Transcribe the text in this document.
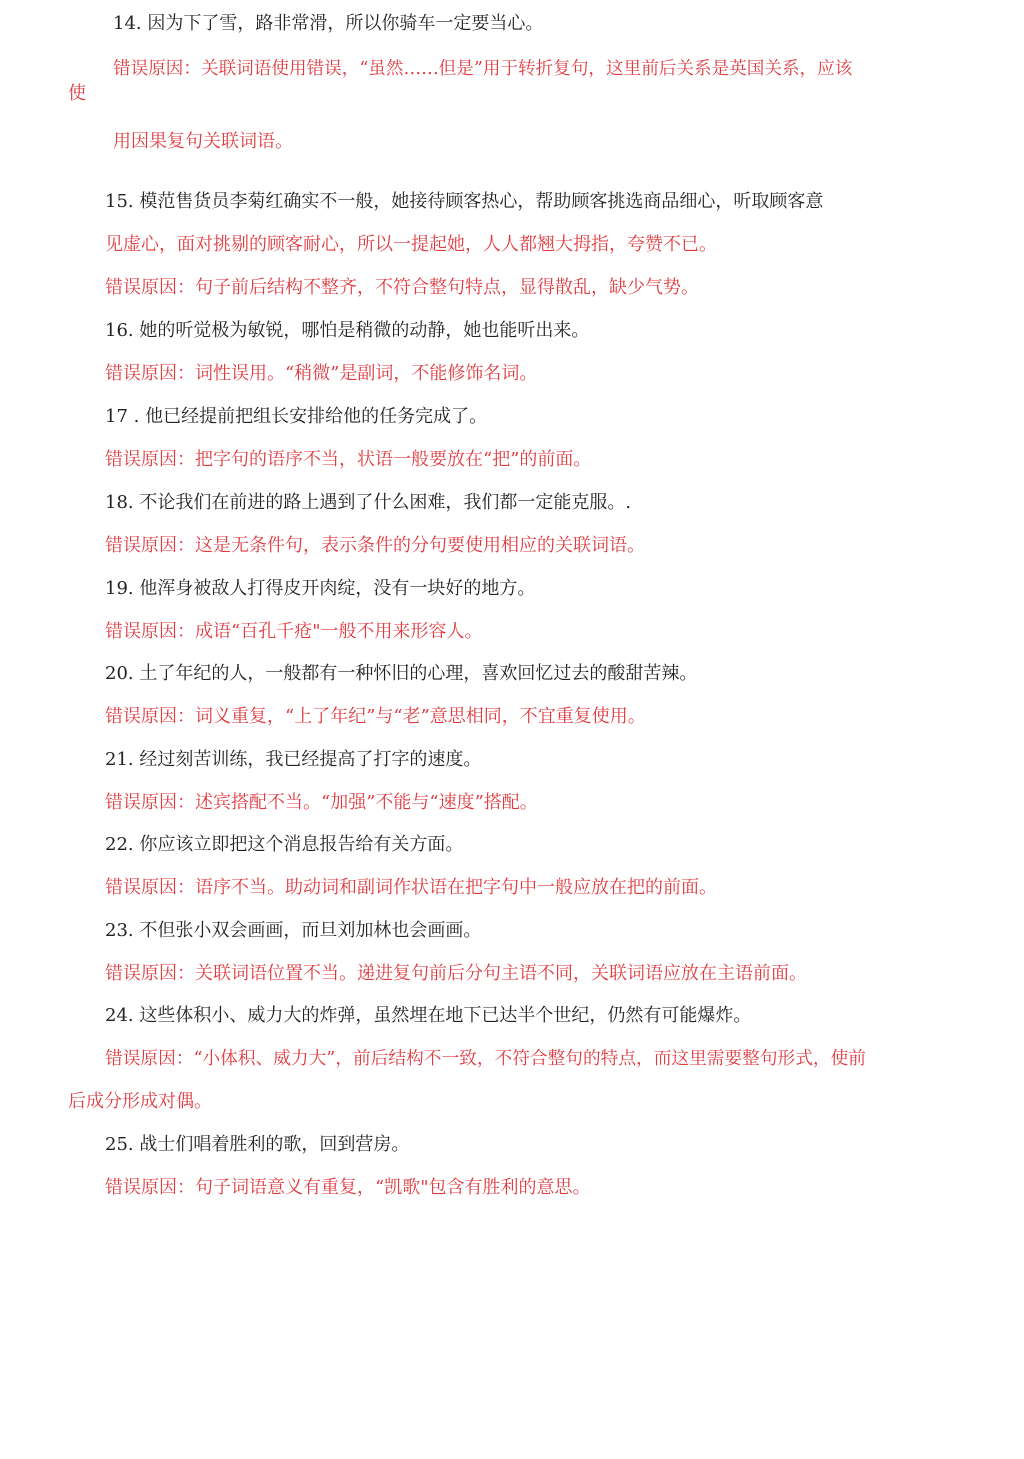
14. 因为下了雪，路非常滑，所以你骑车一定要当心。
错误原因：关联词语使用错误，“虽然……但是”用于转折复句，这里前后关系是英国关系，应该
使
用因果复句关联词语。
15. 模范售货员李菊红确实不一般，她接待顾客热心，帮助顾客挑选商品细心，听取顾客意
见虚心，面对挑剔的顾客耐心，所以一提起她，人人都翘大拇指，夸赞不已。
错误原因：句子前后结构不整齐，不符合整句特点，显得散乱，缺少气势。
16. 她的听觉极为敏锐，哪怕是稍微的动静，她也能听出来。
错误原因：词性误用。“稍微”是副词，不能修饰名词。
17 . 他已经提前把组长安排给他的任务完成了。
错误原因：把字句的语序不当，状语一般要放在“把”的前面。
18. 不论我们在前进的路上遇到了什么困难，我们都一定能克服。.
错误原因：这是无条件句，表示条件的分句要使用相应的关联词语。
19. 他浑身被敌人打得皮开肉绽，没有一块好的地方。
错误原因：成语“百孔千疮"一般不用来形容人。
20. 土了年纪的人，一般都有一种怀旧的心理，喜欢回忆过去的酸甜苦辣。
错误原因：词义重复，“上了年纪”与“老”意思相同，不宜重复使用。
21. 经过刻苦训练，我已经提高了打字的速度。
错误原因：述宾搭配不当。“加强”不能与“速度”搭配。
22. 你应该立即把这个消息报告给有关方面。
错误原因：语序不当。助动词和副词作状语在把字句中一般应放在把的前面。
23. 不但张小双会画画，而旦刘加林也会画画。
错误原因：关联词语位置不当。递进复句前后分句主语不同，关联词语应放在主语前面。
24. 这些体积小、威力大的炸弹，虽然埋在地下已达半个世纪，仍然有可能爆炸。
错误原因：“小体积、威力大”，前后结构不一致，不符合整句的特点，而这里需要整句形式，使前
后成分形成对偶。
25. 战士们唱着胜利的歌，回到营房。
错误原因：句子词语意义有重复，“凯歌"包含有胜利的意思。
